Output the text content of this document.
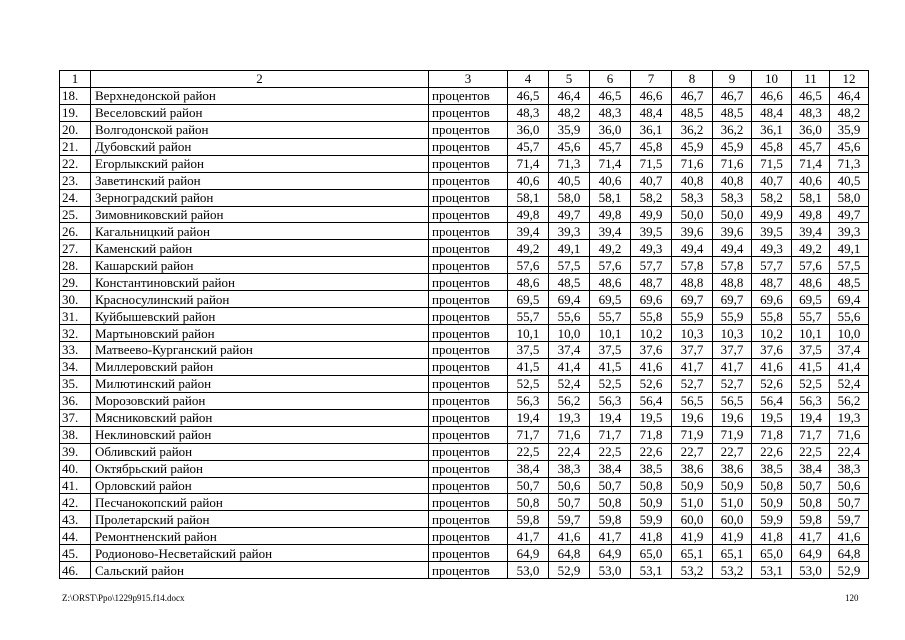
1	2	3	4	5	6	7	8	9	10	11	12
18.	Верхнедонской район	процентов	46,5	46,4	46,5	46,6	46,7	46,7	46,6	46,5	46,4
19.	Веселовский район	процентов	48,3	48,2	48,3	48,4	48,5	48,5	48,4	48,3	48,2
20.	Волгодонской район	процентов	36,0	35,9	36,0	36,1	36,2	36,2	36,1	36,0	35,9
21.	Дубовский район	процентов	45,7	45,6	45,7	45,8	45,9	45,9	45,8	45,7	45,6
22.	Егорлыкский район	процентов	71,4	71,3	71,4	71,5	71,6	71,6	71,5	71,4	71,3
23.	Заветинский район	процентов	40,6	40,5	40,6	40,7	40,8	40,8	40,7	40,6	40,5
24.	Зерноградский район	процентов	58,1	58,0	58,1	58,2	58,3	58,3	58,2	58,1	58,0
25.	Зимовниковский район	процентов	49,8	49,7	49,8	49,9	50,0	50,0	49,9	49,8	49,7
26.	Кагальницкий район	процентов	39,4	39,3	39,4	39,5	39,6	39,6	39,5	39,4	39,3
27.	Каменский район	процентов	49,2	49,1	49,2	49,3	49,4	49,4	49,3	49,2	49,1
28.	Кашарский район	процентов	57,6	57,5	57,6	57,7	57,8	57,8	57,7	57,6	57,5
29.	Константиновский район	процентов	48,6	48,5	48,6	48,7	48,8	48,8	48,7	48,6	48,5
30.	Красносулинский район	процентов	69,5	69,4	69,5	69,6	69,7	69,7	69,6	69,5	69,4
31.	Куйбышевский район	процентов	55,7	55,6	55,7	55,8	55,9	55,9	55,8	55,7	55,6
32.	Мартыновский район	процентов	10,1	10,0	10,1	10,2	10,3	10,3	10,2	10,1	10,0
33.	Матвеево-Курганский район	процентов	37,5	37,4	37,5	37,6	37,7	37,7	37,6	37,5	37,4
34.	Миллеровский район	процентов	41,5	41,4	41,5	41,6	41,7	41,7	41,6	41,5	41,4
35.	Милютинский район	процентов	52,5	52,4	52,5	52,6	52,7	52,7	52,6	52,5	52,4
36.	Морозовский район	процентов	56,3	56,2	56,3	56,4	56,5	56,5	56,4	56,3	56,2
37.	Мясниковский район	процентов	19,4	19,3	19,4	19,5	19,6	19,6	19,5	19,4	19,3
38.	Неклиновский район	процентов	71,7	71,6	71,7	71,8	71,9	71,9	71,8	71,7	71,6
39.	Обливский район	процентов	22,5	22,4	22,5	22,6	22,7	22,7	22,6	22,5	22,4
40.	Октябрьский район	процентов	38,4	38,3	38,4	38,5	38,6	38,6	38,5	38,4	38,3
41.	Орловский район	процентов	50,7	50,6	50,7	50,8	50,9	50,9	50,8	50,7	50,6
42.	Песчанокопский район	процентов	50,8	50,7	50,8	50,9	51,0	51,0	50,9	50,8	50,7
43.	Пролетарский район	процентов	59,8	59,7	59,8	59,9	60,0	60,0	59,9	59,8	59,7
44.	Ремонтненский район	процентов	41,7	41,6	41,7	41,8	41,9	41,9	41,8	41,7	41,6
45.	Родионово-Несветайский район	процентов	64,9	64,8	64,9	65,0	65,1	65,1	65,0	64,9	64,8
46.	Сальский район	процентов	53,0	52,9	53,0	53,1	53,2	53,2	53,1	53,0	52,9
Z:\ORST\Ppo\1229p915.f14.docx	120
